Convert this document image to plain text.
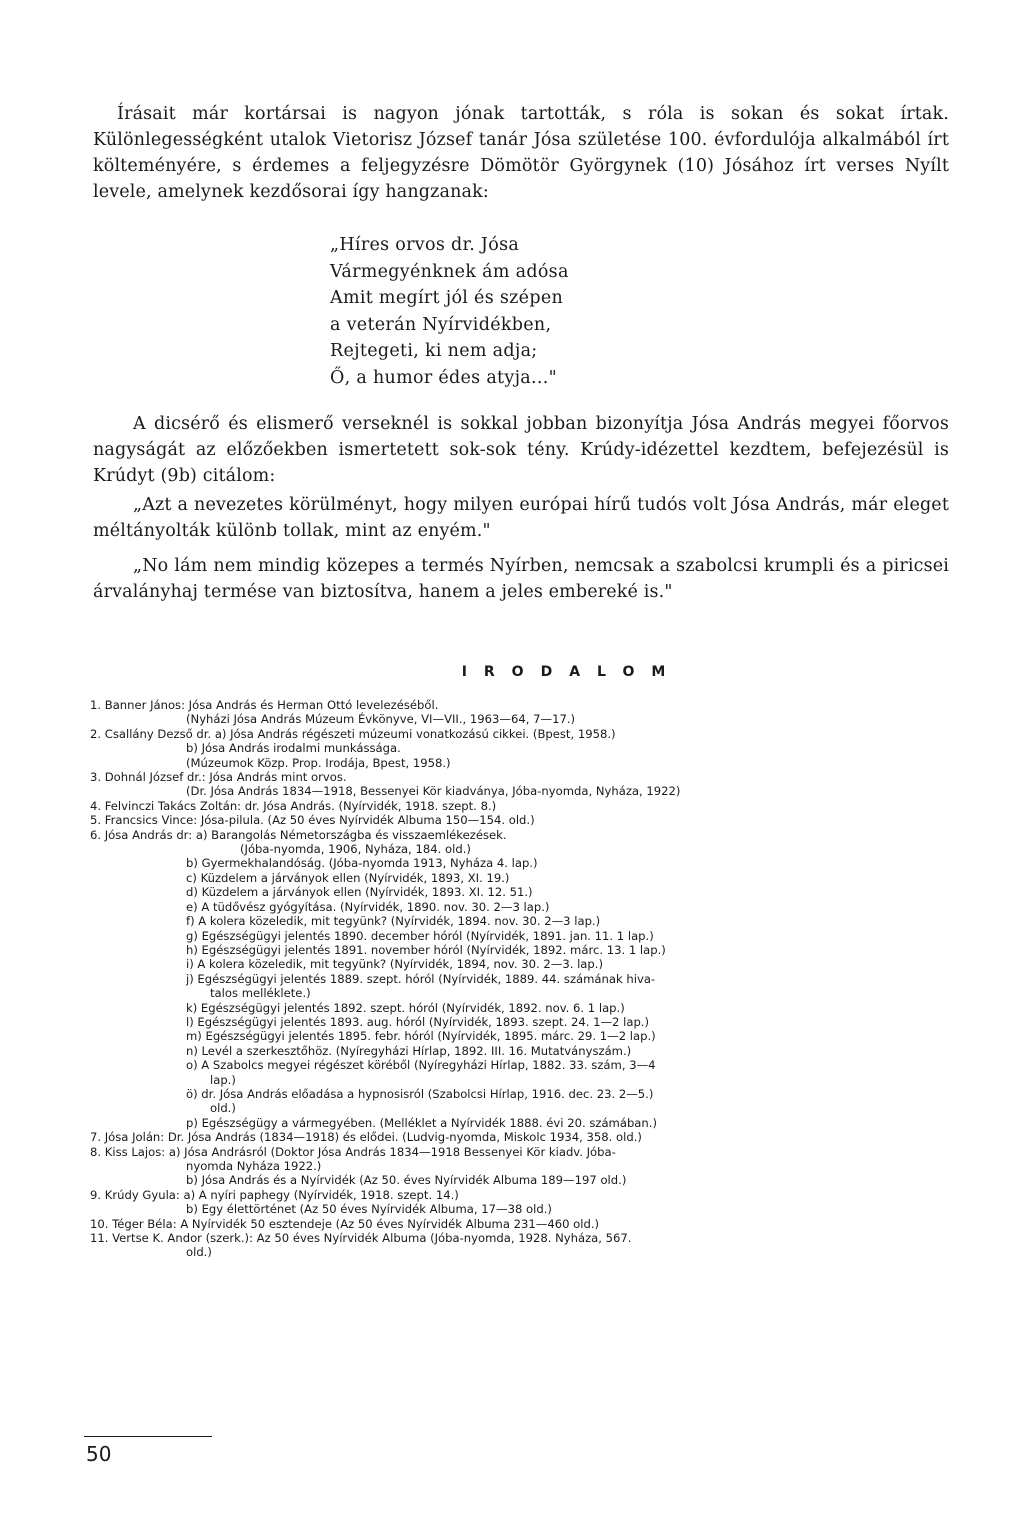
Írásait már kortársai is nagyon jónak tartották, s róla is sokan és sokat írtak. Különlegességként utalok Vietorisz József tanár Jósa születése 100. évfordulója alkalmából írt költeményére, s érdemes a feljegyzésre Dömötör Györgynek (10) Jósához írt verses Nyílt levele, amelynek kezdősorai így hangzanak:

„Híres orvos dr. Jósa
Vármegyénknek ám adósa
Amit megírt jól és szépen
a veterán Nyírvidékben,
Rejtegeti, ki nem adja;
Ő, a humor édes atyja..."

A dicsérő és elismerő verseknél is sokkal jobban bizonyítja Jósa András megyei főorvos nagyságát az előzőekben ismertetett sok-sok tény. Krúdy-idézettel kezdtem, befejezésül is Krúdyt (9b) citálom:

„Azt a nevezetes körülményt, hogy milyen európai hírű tudós volt Jósa András, már eleget méltányolták különb tollak, mint az enyém."

„No lám nem mindig közepes a termés Nyírben, nemcsak a szabolcsi krumpli és a piricsei árvalányhaj termése van biztosítva, hanem a jeles embereké is."

IRODALOM
1. Banner János: Jósa András és Herman Ottó levelezéséből.
(Nyházi Jósa András Múzeum Évkönyve, VI—VII., 1963—64, 7—17.)
2. Csallány Dezső dr. a) Jósa András régészeti múzeumi vonatkozású cikkei. (Bpest, 1958.)
b) Jósa András irodalmi munkássága.
(Múzeumok Közp. Prop. Irodája, Bpest, 1958.)
3. Dohnál József dr.: Jósa András mint orvos.
(Dr. Jósa András 1834—1918, Bessenyei Kör kiadványa, Jóba-nyomda, Nyháza, 1922)
4. Felvinczi Takács Zoltán: dr. Jósa András. (Nyírvidék, 1918. szept. 8.)
5. Francsics Vince: Jósa-pilula. (Az 50 éves Nyírvidék Albuma 150—154. old.)
6. Jósa András dr: a) Barangolás Németországba és visszaemlékezések.
(Jóba-nyomda, 1906, Nyháza, 184. old.)
b) Gyermekhalandóság. (Jóba-nyomda 1913, Nyháza 4. lap.)
c) Küzdelem a járványok ellen (Nyírvidék, 1893, XI. 19.)
d) Küzdelem a járványok ellen (Nyírvidék, 1893. XI. 12. 51.)
e) A tüdővész gyógyítása. (Nyírvidék, 1890. nov. 30. 2—3 lap.)
f) A kolera közeledik, mit tegyünk? (Nyírvidék, 1894. nov. 30. 2—3 lap.)
g) Egészségügyi jelentés 1890. december hóról (Nyírvidék, 1891. jan. 11. 1 lap.)
h) Egészségügyi jelentés 1891. november hóról (Nyírvidék, 1892. márc. 13. 1 lap.)
i) A kolera közeledik, mit tegyünk? (Nyírvidék, 1894, nov. 30. 2—3. lap.)
j) Egészségügyi jelentés 1889. szept. hóról (Nyírvidék, 1889. 44. számának hiva-
talos melléklete.)
k) Egészségügyi jelentés 1892. szept. hóról (Nyírvidék, 1892. nov. 6. 1 lap.)
l) Egészségügyi jelentés 1893. aug. hóról (Nyírvidék, 1893. szept. 24. 1—2 lap.)
m) Egészségügyi jelentés 1895. febr. hóról (Nyírvidék, 1895. márc. 29. 1—2 lap.)
n) Levél a szerkesztőhöz. (Nyíregyházi Hírlap, 1892. III. 16. Mutatványszám.)
o) A Szabolcs megyei régészet köréből (Nyíregyházi Hírlap, 1882. 33. szám, 3—4
lap.)
ö) dr. Jósa András előadása a hypnosisról (Szabolcsi Hírlap, 1916. dec. 23. 2—5.)
old.)
p) Egészségügy a vármegyében. (Melléklet a Nyírvidék 1888. évi 20. számában.)
7. Jósa Jolán: Dr. Jósa András (1834—1918) és elődei. (Ludvig-nyomda, Miskolc 1934, 358. old.)
8. Kiss Lajos: a) Jósa Andrásról (Doktor Jósa András 1834—1918 Bessenyei Kör kiadv. Jóba-
nyomda Nyháza 1922.)
b) Jósa András és a Nyírvidék (Az 50. éves Nyírvidék Albuma 189—197 old.)
9. Krúdy Gyula: a) A nyíri paphegy (Nyírvidék, 1918. szept. 14.)
b) Egy élettörténet (Az 50 éves Nyírvidék Albuma, 17—38 old.)
10. Téger Béla: A Nyírvidék 50 esztendeje (Az 50 éves Nyírvidék Albuma 231—460 old.)
11. Vertse K. Andor (szerk.): Az 50 éves Nyírvidék Albuma (Jóba-nyomda, 1928. Nyháza, 567.
old.)
50
